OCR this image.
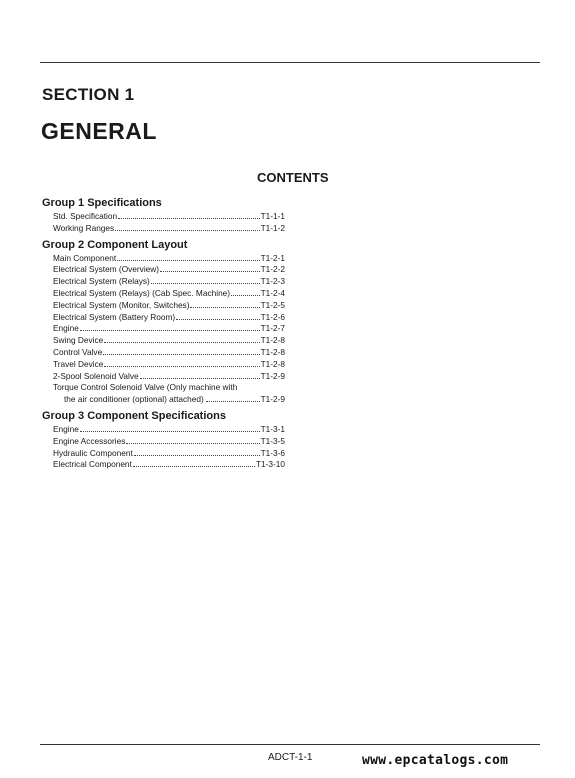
SECTION 1
GENERAL
CONTENTS
Group 1 Specifications
Std. Specification	T1-1-1
Working Ranges	T1-1-2
Group 2 Component Layout
Main Component	T1-2-1
Electrical System (Overview)	T1-2-2
Electrical System (Relays)	T1-2-3
Electrical System (Relays) (Cab Spec. Machine)	T1-2-4
Electrical System (Monitor, Switches)	T1-2-5
Electrical System (Battery Room)	T1-2-6
Engine	T1-2-7
Swing Device	T1-2-8
Control Valve	T1-2-8
Travel Device	T1-2-8
2-Spool Solenoid Valve	T1-2-9
Torque Control Solenoid Valve (Only machine with
the air conditioner (optional) attached)	T1-2-9
Group 3 Component Specifications
Engine	T1-3-1
Engine Accessories	T1-3-5
Hydraulic Component	T1-3-6
Electrical Component	T1-3-10
ADCT-1-1	www.epcatalogs.com
